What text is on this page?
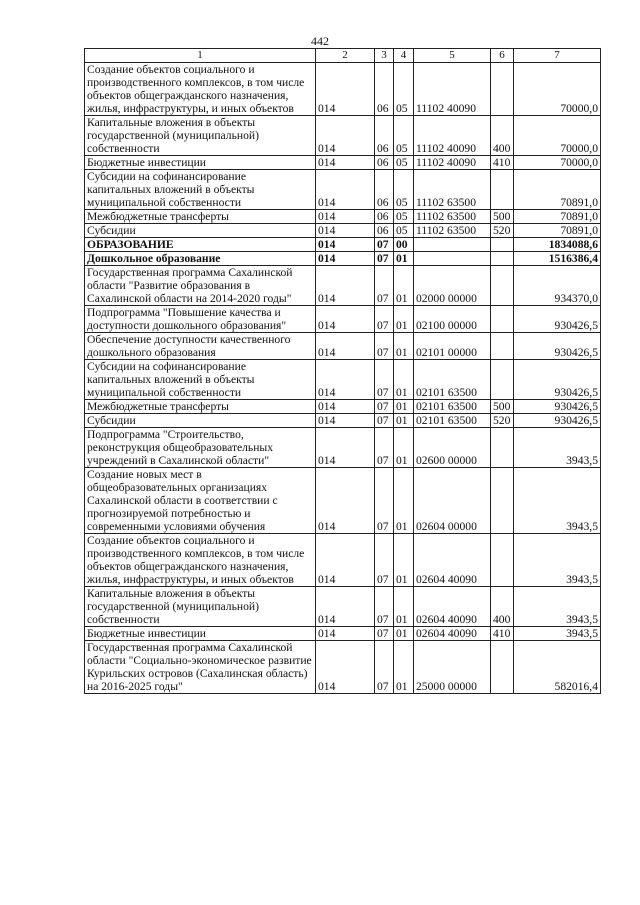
442
1	2	3	4	5	6	7
Создание объектов социального и производственного комплексов, в том числе объектов общегражданского назначения, жилья, инфраструктуры, и иных объектов	014	06	05	11102 40090		70000,0
Капитальные вложения в объекты государственной (муниципальной) собственности	014	06	05	11102 40090	400	70000,0
Бюджетные инвестиции	014	06	05	11102 40090	410	70000,0
Субсидии на софинансирование капитальных вложений в объекты муниципальной собственности	014	06	05	11102 63500		70891,0
Межбюджетные трансферты	014	06	05	11102 63500	500	70891,0
Субсидии	014	06	05	11102 63500	520	70891,0
ОБРАЗОВАНИЕ	014	07	00			1834088,6
Дошкольное образование	014	07	01			1516386,4
Государственная программа Сахалинской области "Развитие образования в Сахалинской области на 2014-2020 годы"	014	07	01	02000 00000		934370,0
Подпрограмма "Повышение качества и доступности дошкольного образования"	014	07	01	02100 00000		930426,5
Обеспечение доступности качественного дошкольного образования	014	07	01	02101 00000		930426,5
Субсидии на софинансирование капитальных вложений в объекты муниципальной собственности	014	07	01	02101 63500		930426,5
Межбюджетные трансферты	014	07	01	02101 63500	500	930426,5
Субсидии	014	07	01	02101 63500	520	930426,5
Подпрограмма "Строительство, реконструкция общеобразовательных учреждений в Сахалинской области"	014	07	01	02600 00000		3943,5
Создание новых мест в общеобразовательных организациях Сахалинской области в соответствии с прогнозируемой потребностью и современными условиями обучения	014	07	01	02604 00000		3943,5
Создание объектов социального и производственного комплексов, в том числе объектов общегражданского назначения, жилья, инфраструктуры, и иных объектов	014	07	01	02604 40090		3943,5
Капитальные вложения в объекты государственной (муниципальной) собственности	014	07	01	02604 40090	400	3943,5
Бюджетные инвестиции	014	07	01	02604 40090	410	3943,5
Государственная программа Сахалинской области "Социально-экономическое развитие Курильских островов (Сахалинская область) на 2016-2025 годы"	014	07	01	25000 00000		582016,4
